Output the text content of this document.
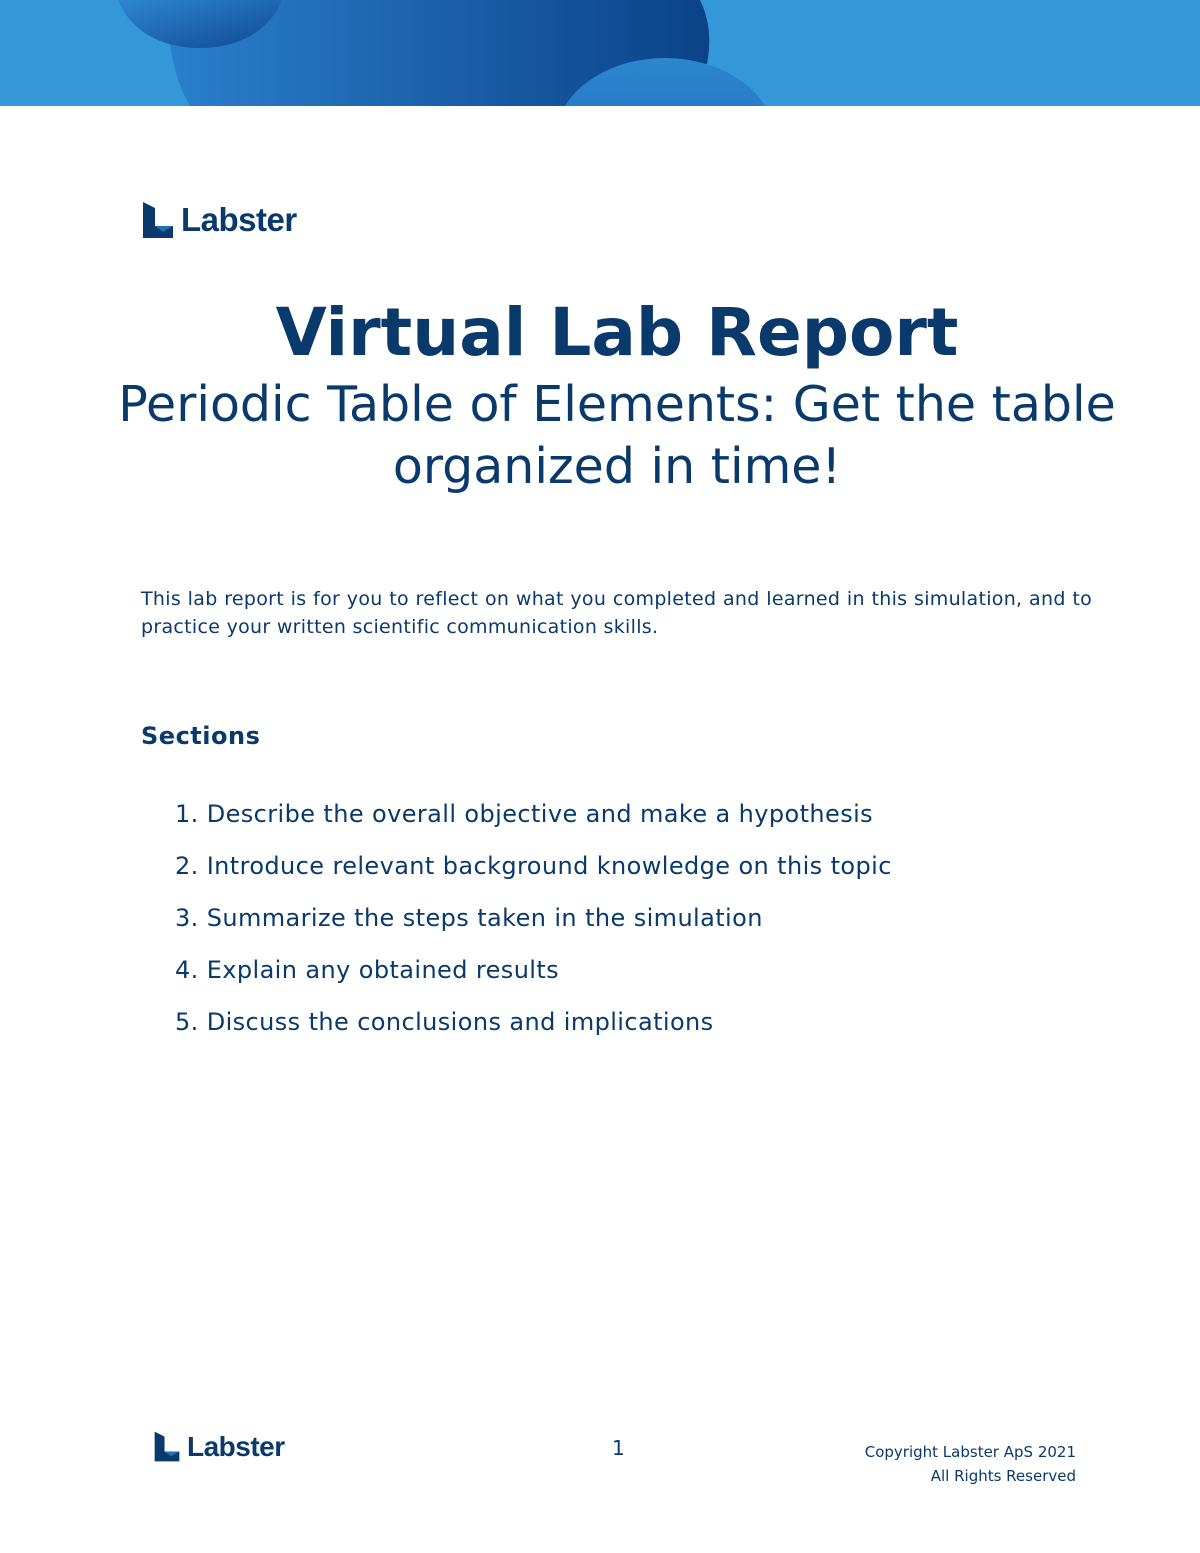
Labster
Virtual Lab Report

Periodic Table of Elements: Get the table organized in time!

This lab report is for you to reflect on what you completed and learned in this simulation, and to practice your written scientific communication skills.

Sections
1. Describe the overall objective and make a hypothesis
2. Introduce relevant background knowledge on this topic
3. Summarize the steps taken in the simulation
4. Explain any obtained results
5. Discuss the conclusions and implications
Labster	1	Copyright Labster ApS 2021
All Rights Reserved
